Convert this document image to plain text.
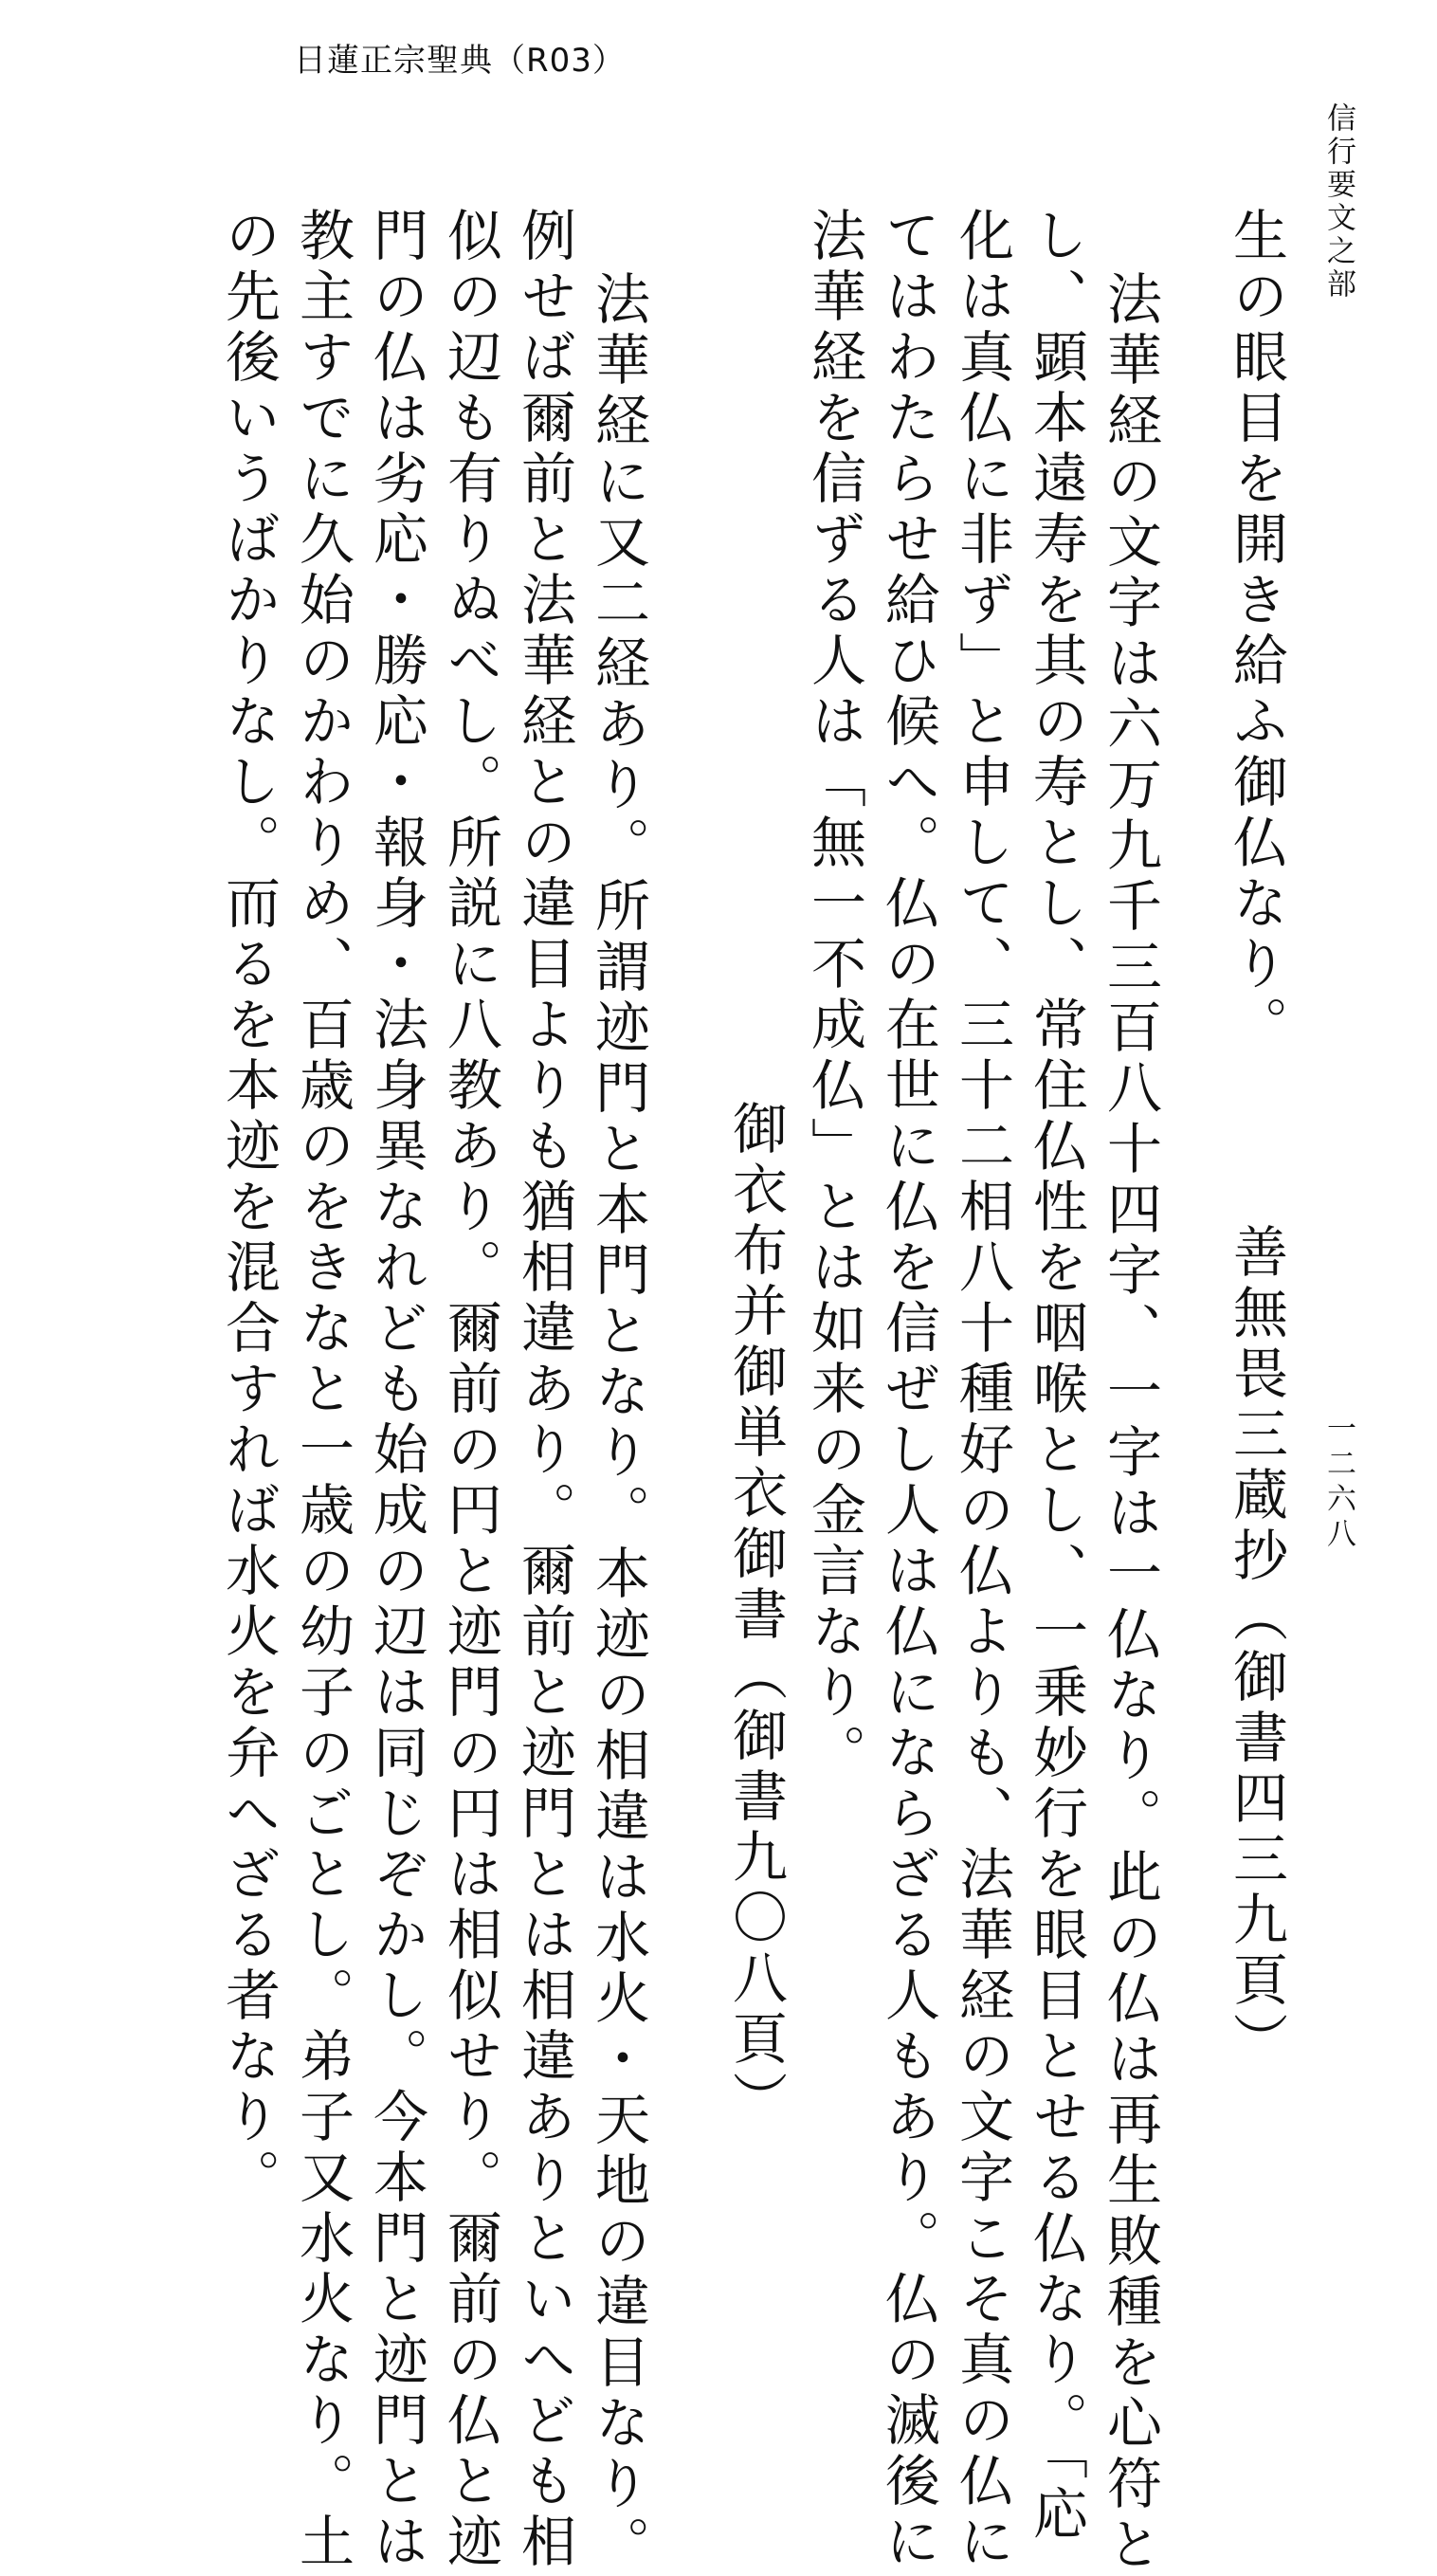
日蓮正宗聖典（R03）
信行要文之部
一二六八
生の眼目を開き給ふ御仏なり。
善無畏三蔵抄（御書四三九頁）
法華経の文字は六万九千三百八十四字、一字は一仏なり。此の仏は再生敗種を心符と
し、顕本遠寿を其の寿とし、常住仏性を咽喉とし、一乗妙行を眼目とせる仏なり。「応
化は真仏に非ず」と申して、三十二相八十種好の仏よりも、法華経の文字こそ真の仏に
てはわたらせ給ひ候へ。仏の在世に仏を信ぜし人は仏にならざる人もあり。仏の滅後に
法華経を信ずる人は「無一不成仏」とは如来の金言なり。
御衣布并御単衣御書（御書九〇八頁）
法華経に又二経あり。所謂迹門と本門となり。本迹の相違は水火・天地の違目なり。
例せば爾前と法華経との違目よりも猶相違あり。爾前と迹門とは相違ありといへども相
似の辺も有りぬべし。所説に八教あり。爾前の円と迹門の円は相似せり。爾前の仏と迹
門の仏は劣応・勝応・報身・法身異なれども始成の辺は同じぞかし。今本門と迹門とは
教主すでに久始のかわりめ、百歳のをきなと一歳の幼子のごとし。弟子又水火なり。土
の先後いうばかりなし。而るを本迹を混合すれば水火を弁へざる者なり。
